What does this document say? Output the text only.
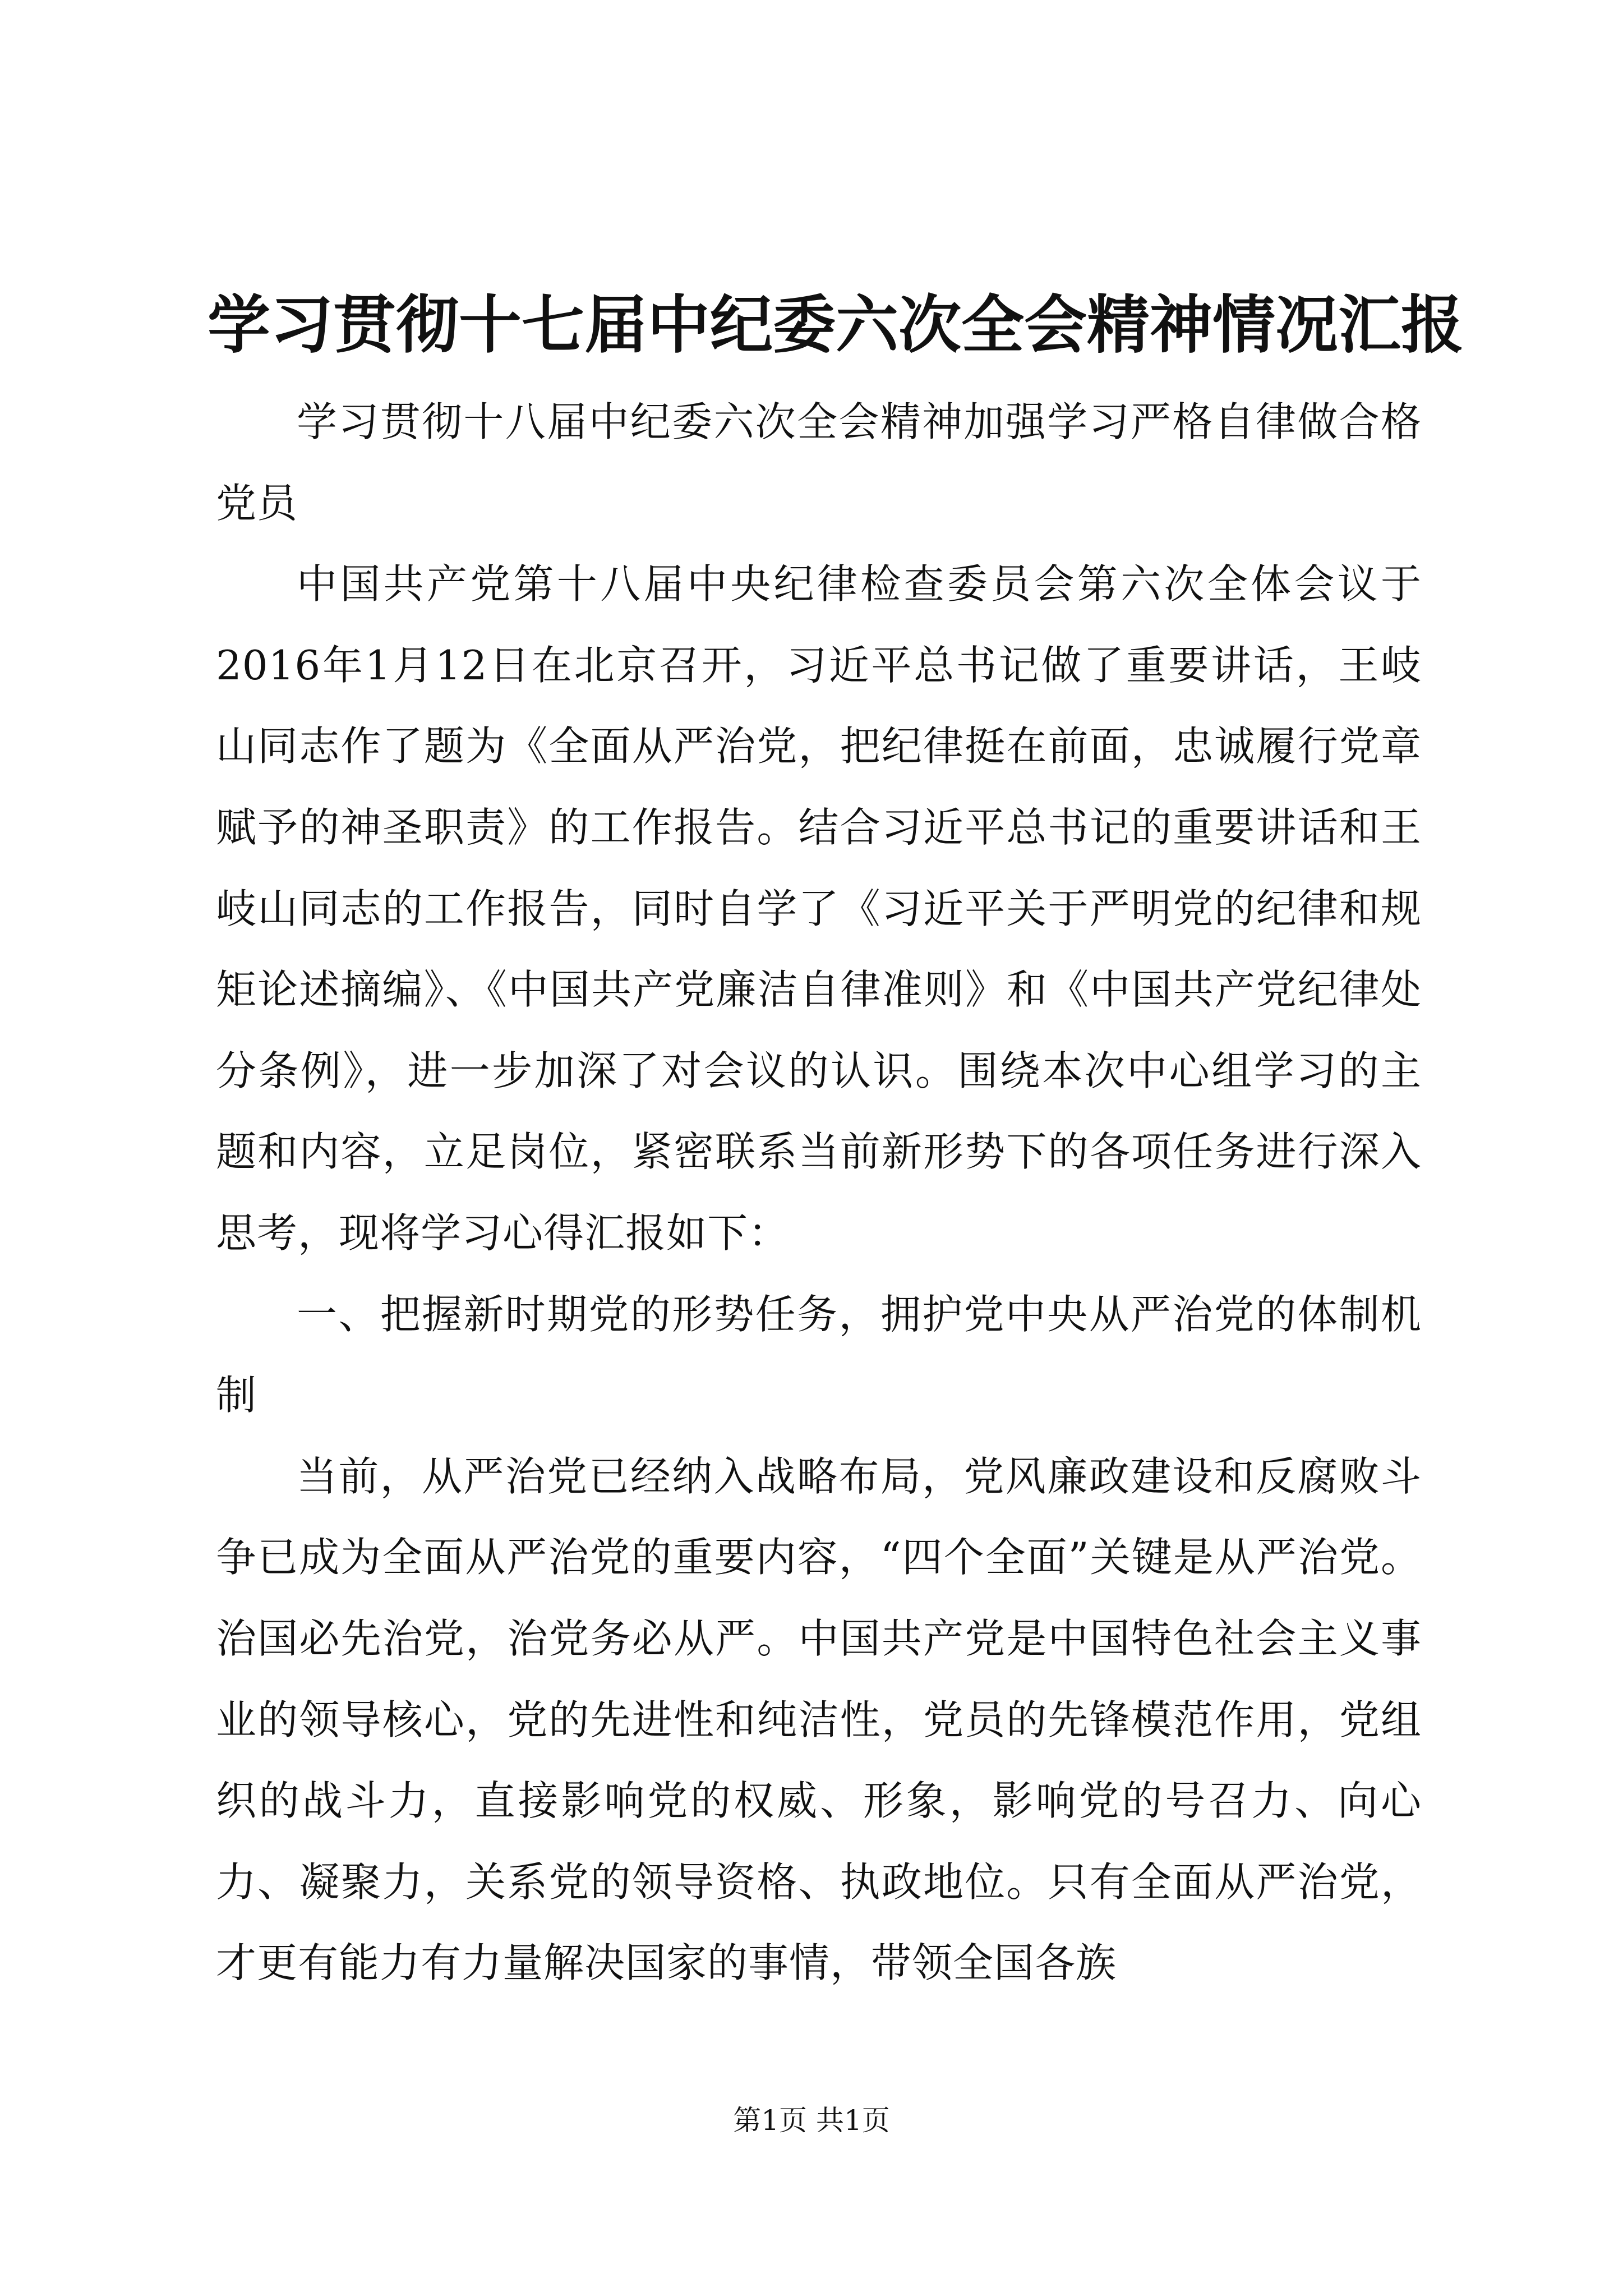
学习贯彻十七届中纪委六次全会精神情况汇报

学习贯彻十八届中纪委六次全会精神加强学习严格自律做合格党员

中国共产党第十八届中央纪律检查委员会第六次全体会议于2016年1月12日在北京召开，习近平总书记做了重要讲话，王岐山同志作了题为《全面从严治党，把纪律挺在前面，忠诚履行党章赋予的神圣职责》的工作报告。结合习近平总书记的重要讲话和王岐山同志的工作报告，同时自学了《习近平关于严明党的纪律和规矩论述摘编》、《中国共产党廉洁自律准则》和《中国共产党纪律处分条例》，进一步加深了对会议的认识。围绕本次中心组学习的主题和内容，立足岗位，紧密联系当前新形势下的各项任务进行深入思考，现将学习心得汇报如下：

一、把握新时期党的形势任务，拥护党中央从严治党的体制机制

当前，从严治党已经纳入战略布局，党风廉政建设和反腐败斗争已成为全面从严治党的重要内容，“四个全面”关键是从严治党。治国必先治党，治党务必从严。中国共产党是中国特色社会主义事业的领导核心，党的先进性和纯洁性，党员的先锋模范作用，党组织的战斗力，直接影响党的权威、形象，影响党的号召力、向心力、凝聚力，关系党的领导资格、执政地位。只有全面从严治党，才更有能力有力量解决国家的事情，带领全国各族

第1页 共1页
